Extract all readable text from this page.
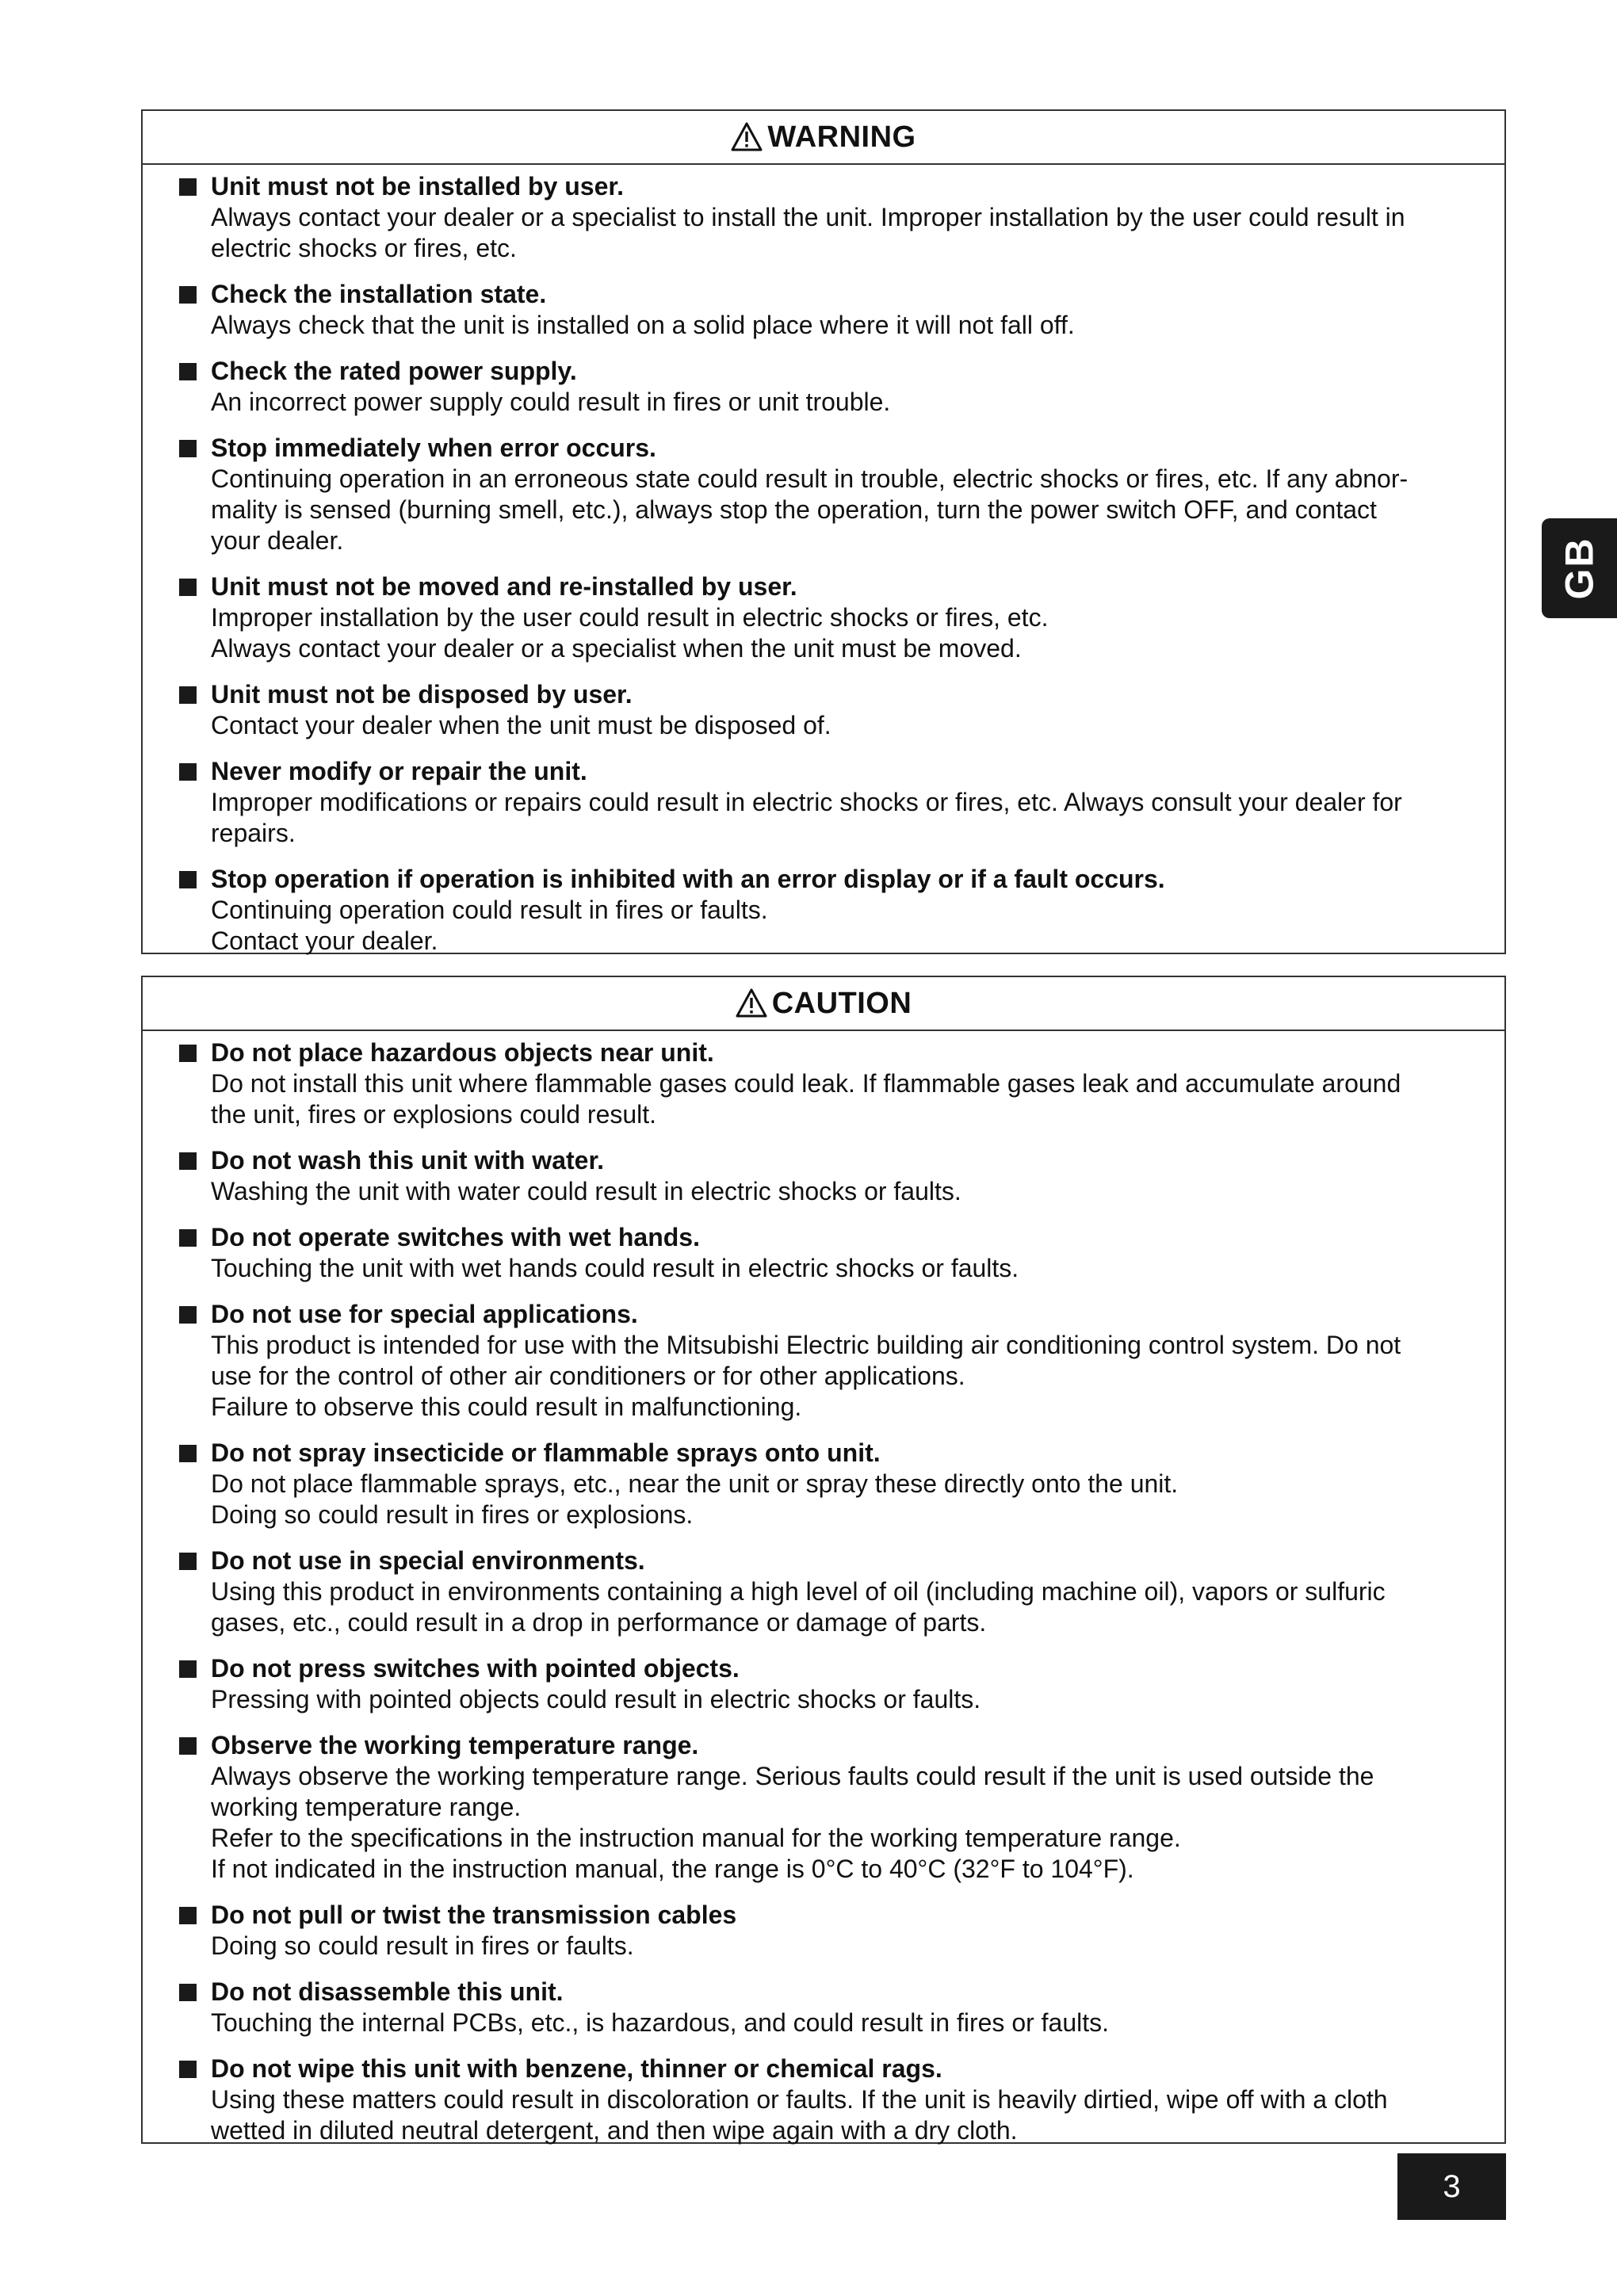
WARNING
Unit must not be installed by user.
Always contact your dealer or a specialist to install the unit. Improper installation by the user could result in
electric shocks or fires, etc.
Check the installation state.
Always check that the unit is installed on a solid place where it will not fall off.
Check the rated power supply.
An incorrect power supply could result in fires or unit trouble.
Stop immediately when error occurs.
Continuing operation in an erroneous state could result in trouble, electric shocks or fires, etc. If any abnor-
mality is sensed (burning smell, etc.), always stop the operation, turn the power switch OFF, and contact
your dealer.
Unit must not be moved and re-installed by user.
Improper installation by the user could result in electric shocks or fires, etc.
Always contact your dealer or a specialist when the unit must be moved.
Unit must not be disposed by user.
Contact your dealer when the unit must be disposed of.
Never modify or repair the unit.
Improper modifications or repairs could result in electric shocks or fires, etc. Always consult your dealer for
repairs.
Stop operation if operation is inhibited with an error display or if a fault occurs.
Continuing operation could result in fires or faults.
Contact your dealer.
CAUTION
Do not place hazardous objects near unit.
Do not install this unit where flammable gases could leak. If flammable gases leak and accumulate around
the unit, fires or explosions could result.
Do not wash this unit with water.
Washing the unit with water could result in electric shocks or faults.
Do not operate switches with wet hands.
Touching the unit with wet hands could result in electric shocks or faults.
Do not use for special applications.
This product is intended for use with the Mitsubishi Electric building air conditioning control system. Do not
use for the control of other air conditioners or for other applications.
Failure to observe this could result in malfunctioning.
Do not spray insecticide or flammable sprays onto unit.
Do not place flammable sprays, etc., near the unit or spray these directly onto the unit.
Doing so could result in fires or explosions.
Do not use in special environments.
Using this product in environments containing a high level of oil (including machine oil), vapors or sulfuric
gases, etc., could result in a drop in performance or damage of parts.
Do not press switches with pointed objects.
Pressing with pointed objects could result in electric shocks or faults.
Observe the working temperature range.
Always observe the working temperature range. Serious faults could result if the unit is used outside the
working temperature range.
Refer to the specifications in the instruction manual for the working temperature range.
If not indicated in the instruction manual, the range is 0°C to 40°C (32°F to 104°F).
Do not pull or twist the transmission cables
Doing so could result in fires or faults.
Do not disassemble this unit.
Touching the internal PCBs, etc., is hazardous, and could result in fires or faults.
Do not wipe this unit with benzene, thinner or chemical rags.
Using these matters could result in discoloration or faults. If the unit is heavily dirtied, wipe off with a cloth
wetted in diluted neutral detergent, and then wipe again with a dry cloth.
GB
3
